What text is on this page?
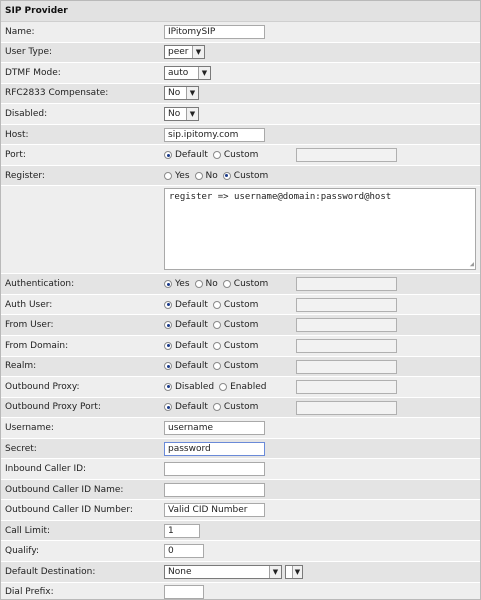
SIP Provider
Name:	IPitomySIP
User Type:	peer	▼
DTMF Mode:	auto	▼
RFC2833 Compensate:	No	▼
Disabled:	No	▼
Host:	sip.ipitomy.com
Port:	Default Custom
Register:	Yes No Custom
register => username@domain:password@host
◢
Authentication:	Yes No Custom
Auth User:	Default Custom
From User:	Default Custom
From Domain:	Default Custom
Realm:	Default Custom
Outbound Proxy:	Disabled Enabled
Outbound Proxy Port:	Default Custom
Username:	username
Secret:	password
Inbound Caller ID:
Outbound Caller ID Name:
Outbound Caller ID Number:	Valid CID Number
Call Limit:	1
Qualify:	0
Default Destination:	None	▼	▼
Dial Prefix:
